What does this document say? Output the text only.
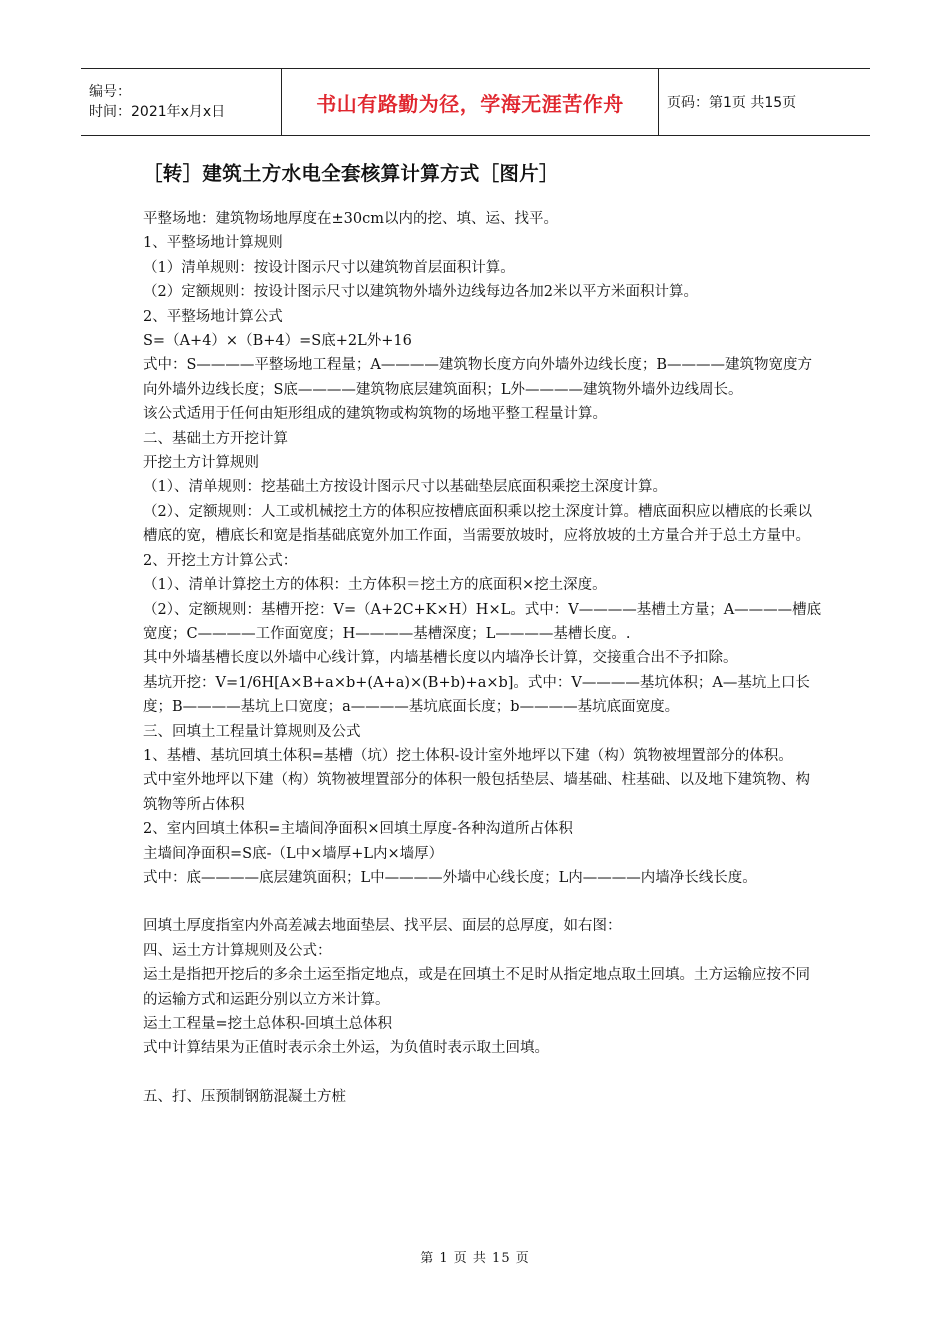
编号：
时间：2021年x月x日	书山有路勤为径，学海无涯苦作舟	页码：第1页 共15页
［转］建筑土方水电全套核算计算方式［图片］

平整场地：建筑物场地厚度在±30cm以内的挖、填、运、找平。

1、平整场地计算规则

（1）清单规则：按设计图示尺寸以建筑物首层面积计算。

（2）定额规则：按设计图示尺寸以建筑物外墙外边线每边各加2米以平方米面积计算。

2、平整场地计算公式

S=（A+4）×（B+4）=S底+2L外+16

式中：S————平整场地工程量；A————建筑物长度方向外墙外边线长度；B————建筑物宽度方向外墙外边线长度；S底————建筑物底层建筑面积；L外————建筑物外墙外边线周长。

该公式适用于任何由矩形组成的建筑物或构筑物的场地平整工程量计算。

二、基础土方开挖计算

开挖土方计算规则

（1）、清单规则：挖基础土方按设计图示尺寸以基础垫层底面积乘挖土深度计算。

（2）、定额规则：人工或机械挖土方的体积应按槽底面积乘以挖土深度计算。槽底面积应以槽底的长乘以槽底的宽，槽底长和宽是指基础底宽外加工作面，当需要放坡时，应将放坡的土方量合并于总土方量中。

2、开挖土方计算公式：

（1）、清单计算挖土方的体积：土方体积＝挖土方的底面积×挖土深度。

（2）、定额规则：基槽开挖：V=（A+2C+K×H）H×L。式中：V————基槽土方量；A————槽底宽度；C————工作面宽度；H————基槽深度；L————基槽长度。.

其中外墙基槽长度以外墙中心线计算，内墙基槽长度以内墙净长计算，交接重合出不予扣除。

基坑开挖：V=1/6H[A×B+a×b+(A+a)×(B+b)+a×b]。式中：V————基坑体积；A—基坑上口长度；B————基坑上口宽度；a————基坑底面长度；b————基坑底面宽度。

三、回填土工程量计算规则及公式

1、基槽、基坑回填土体积=基槽（坑）挖土体积-设计室外地坪以下建（构）筑物被埋置部分的体积。

式中室外地坪以下建（构）筑物被埋置部分的体积一般包括垫层、墙基础、柱基础、以及地下建筑物、构筑物等所占体积

2、室内回填土体积=主墙间净面积×回填土厚度-各种沟道所占体积

主墙间净面积=S底-（L中×墙厚+L内×墙厚）

式中：底————底层建筑面积；L中————外墙中心线长度；L内————内墙净长线长度。

回填土厚度指室内外高差减去地面垫层、找平层、面层的总厚度，如右图：

四、运土方计算规则及公式：

运土是指把开挖后的多余土运至指定地点，或是在回填土不足时从指定地点取土回填。土方运输应按不同的运输方式和运距分别以立方米计算。

运土工程量=挖土总体积-回填土总体积

式中计算结果为正值时表示余土外运，为负值时表示取土回填。

五、打、压预制钢筋混凝土方桩

第 1 页 共 15 页
